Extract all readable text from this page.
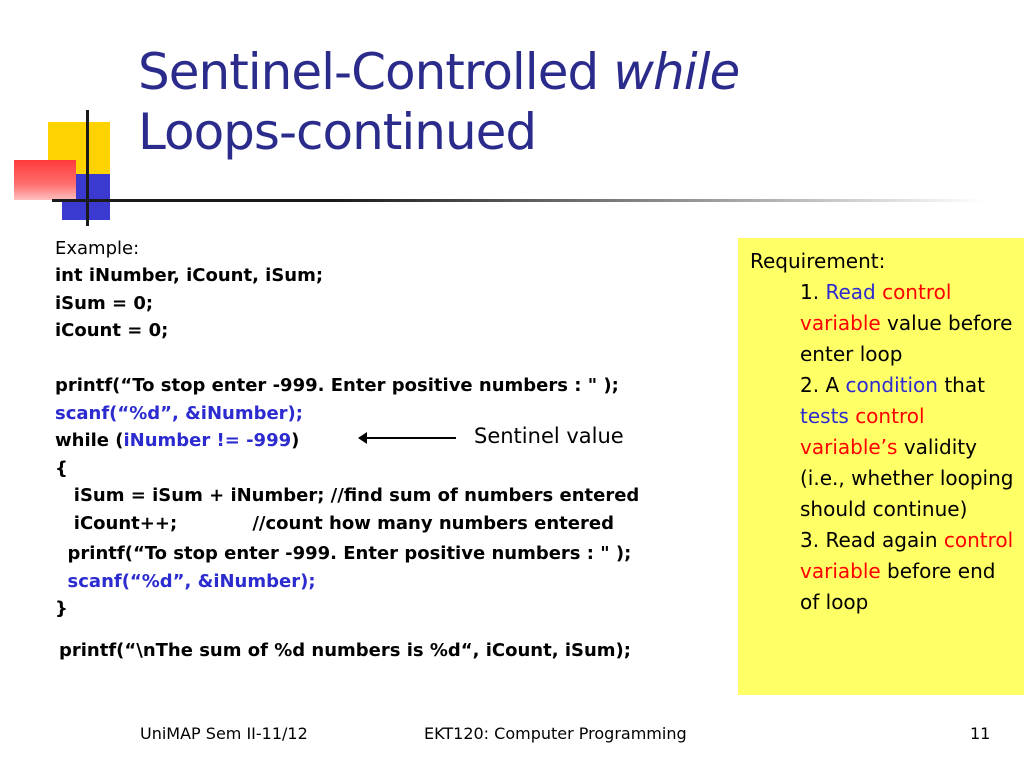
Sentinel-Controlled while
Loops-continued
Example:
int iNumber, iCount, iSum;
iSum = 0;
iCount = 0;
printf(“To stop enter -999. Enter positive numbers : " );
scanf(“%d”, &iNumber);
while (iNumber != -999)
{
iSum = iSum + iNumber; //find sum of numbers entered
iCount++;            //count how many numbers entered
printf(“To stop enter -999. Enter positive numbers : " );
scanf(“%d”, &iNumber);
}
printf(“\nThe sum of %d numbers is %d“, iCount, iSum);
Sentinel value
Requirement:
1. Read control variable value before enter loop
2. A condition that tests control variable’s validity (i.e., whether looping should continue)
3. Read again control variable before end of loop
UniMAP Sem II-11/12	EKT120: Computer Programming	11
